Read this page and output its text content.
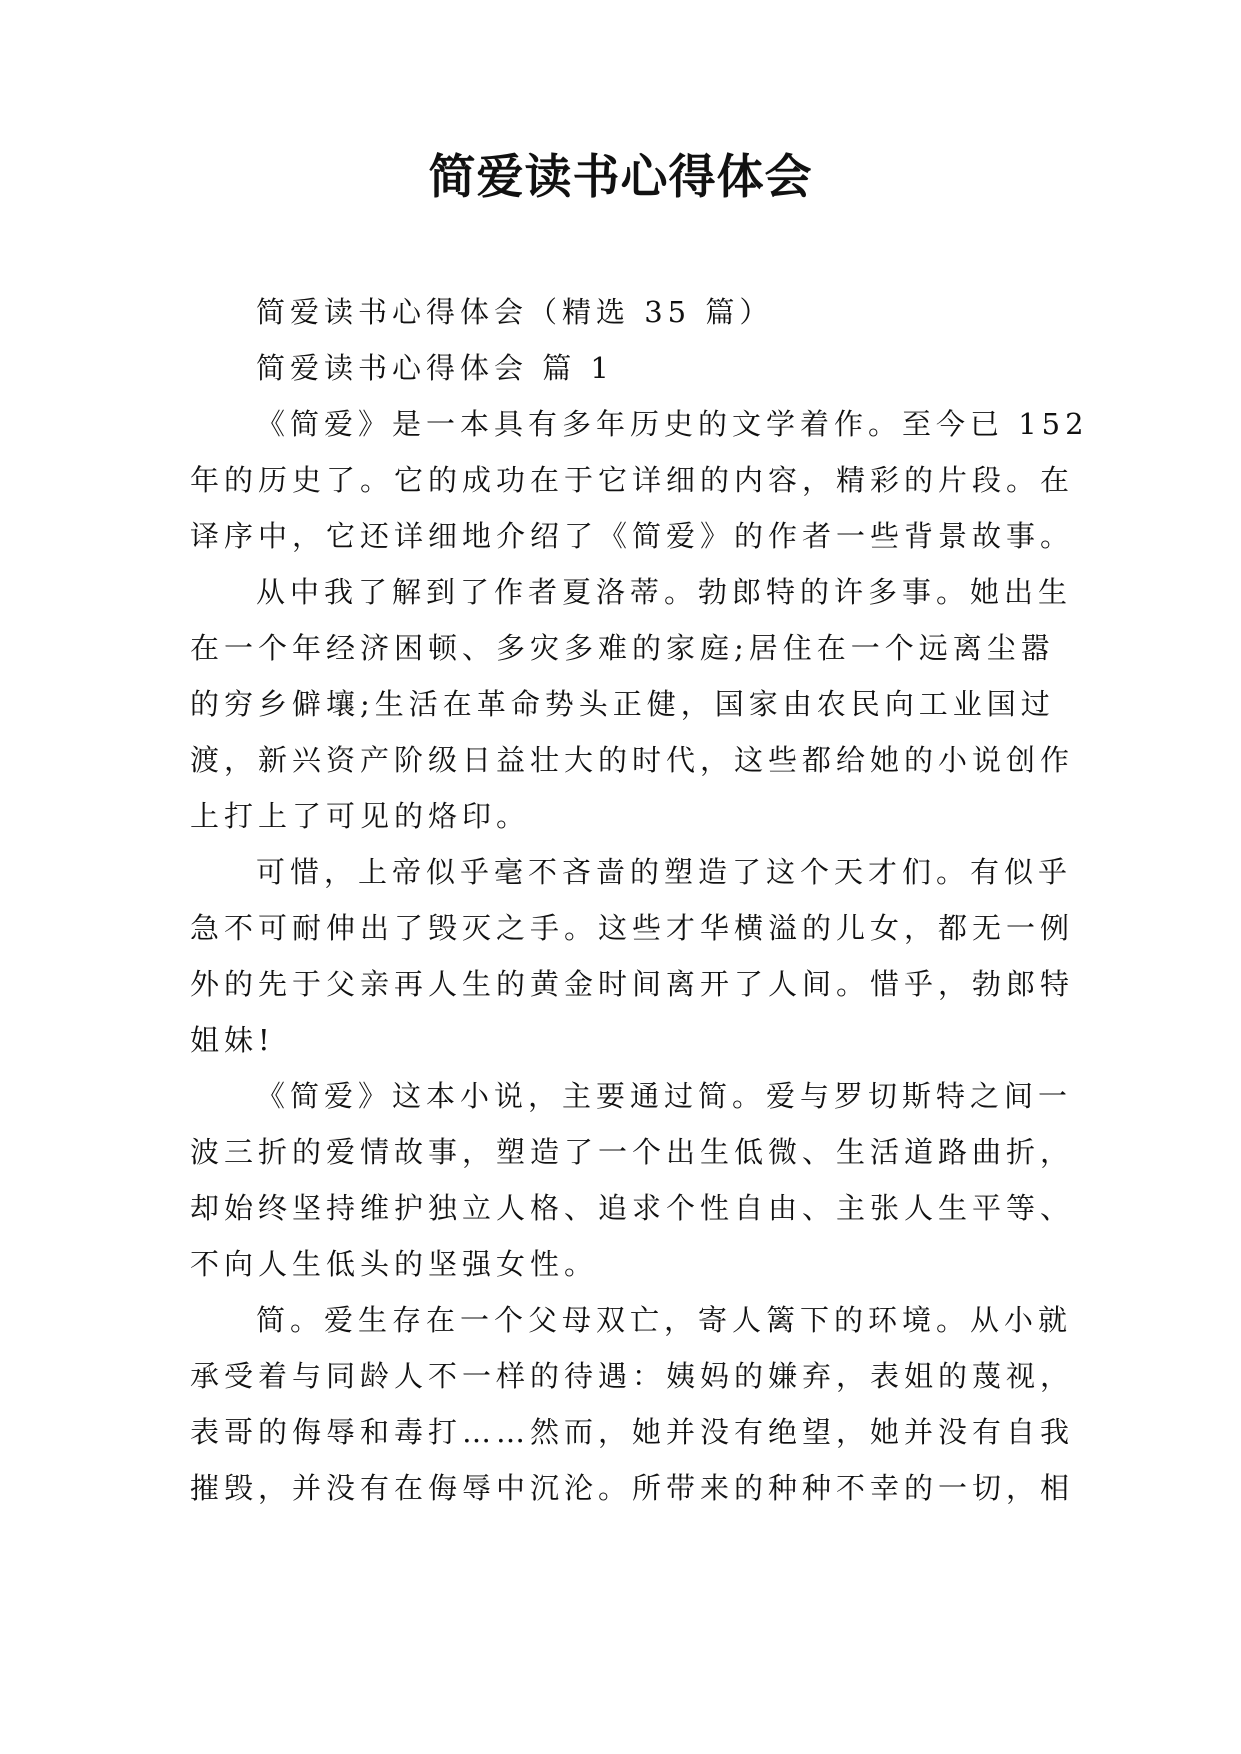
简爱读书心得体会
简爱读书心得体会（精选 35 篇）
简爱读书心得体会 篇 1
《简爱》是一本具有多年历史的文学着作。至今已 152
年的历史了。它的成功在于它详细的内容，精彩的片段。在
译序中，它还详细地介绍了《简爱》的作者一些背景故事。
从中我了解到了作者夏洛蒂。勃郎特的许多事。她出生
在一个年经济困顿、多灾多难的家庭;居住在一个远离尘嚣
的穷乡僻壤;生活在革命势头正健，国家由农民向工业国过
渡，新兴资产阶级日益壮大的时代，这些都给她的小说创作
上打上了可见的烙印。
可惜，上帝似乎毫不吝啬的塑造了这个天才们。有似乎
急不可耐伸出了毁灭之手。这些才华横溢的儿女，都无一例
外的先于父亲再人生的黄金时间离开了人间。惜乎，勃郎特
姐妹!
《简爱》这本小说，主要通过简。爱与罗切斯特之间一
波三折的爱情故事，塑造了一个出生低微、生活道路曲折，
却始终坚持维护独立人格、追求个性自由、主张人生平等、
不向人生低头的坚强女性。
简。爱生存在一个父母双亡，寄人篱下的环境。从小就
承受着与同龄人不一样的待遇：姨妈的嫌弃，表姐的蔑视，
表哥的侮辱和毒打……然而，她并没有绝望，她并没有自我
摧毁，并没有在侮辱中沉沦。所带来的种种不幸的一切，相
